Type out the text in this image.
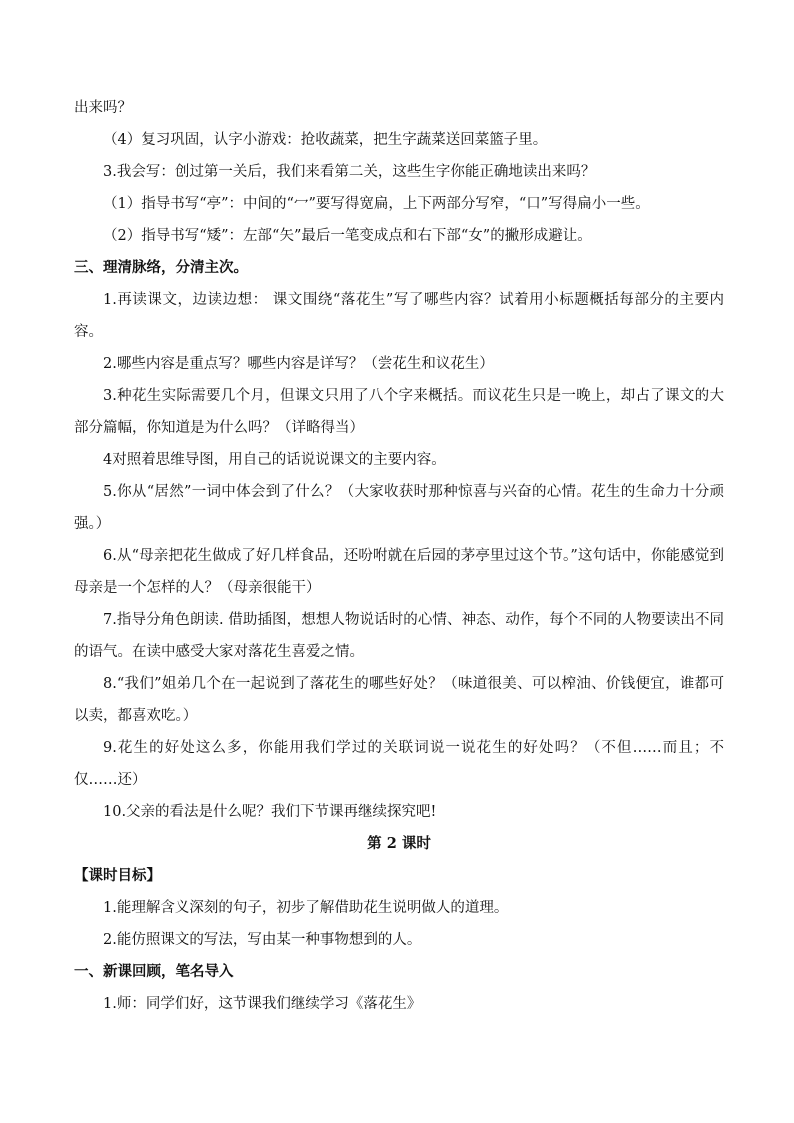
出来吗？

（4）复习巩固，认字小游戏：抢收蔬菜，把生字蔬菜送回菜篮子里。

3.我会写：创过第一关后，我们来看第二关，这些生字你能正确地读出来吗？

（1）指导书写“亭”：中间的“冖”要写得宽扁，上下两部分写窄，“口”写得扁小一些。

（2）指导书写“矮”：左部“矢”最后一笔变成点和右下部“女”的撇形成避让。

三、理清脉络，分清主次。

1.再读课文，边读边想： 课文围绕“落花生”写了哪些内容？试着用小标题概括每部分的主要内容。

2.哪些内容是重点写？哪些内容是详写？（尝花生和议花生）

3.种花生实际需要几个月，但课文只用了八个字来概括。而议花生只是一晚上，却占了课文的大部分篇幅，你知道是为什么吗？（详略得当）

4对照着思维导图，用自己的话说说课文的主要内容。

5.你从“居然”一词中体会到了什么？（大家收获时那种惊喜与兴奋的心情。花生的生命力十分顽强。）

6.从“母亲把花生做成了好几样食品，还吩咐就在后园的茅亭里过这个节。”这句话中，你能感觉到母亲是一个怎样的人？（母亲很能干）

7.指导分角色朗读. 借助插图，想想人物说话时的心情、神态、动作，每个不同的人物要读出不同的语气。在读中感受大家对落花生喜爱之情。

8.“我们”姐弟几个在一起说到了落花生的哪些好处？（味道很美、可以榨油、价钱便宜，谁都可以卖，都喜欢吃。）

9.花生的好处这么多，你能用我们学过的关联词说一说花生的好处吗？（不但……而且；不仅……还）

10.父亲的看法是什么呢？我们下节课再继续探究吧!

第 2 课时

【课时目标】

1.能理解含义深刻的句子，初步了解借助花生说明做人的道理。

2.能仿照课文的写法，写由某一种事物想到的人。

一、新课回顾，笔名导入

1.师：同学们好，这节课我们继续学习《落花生》
